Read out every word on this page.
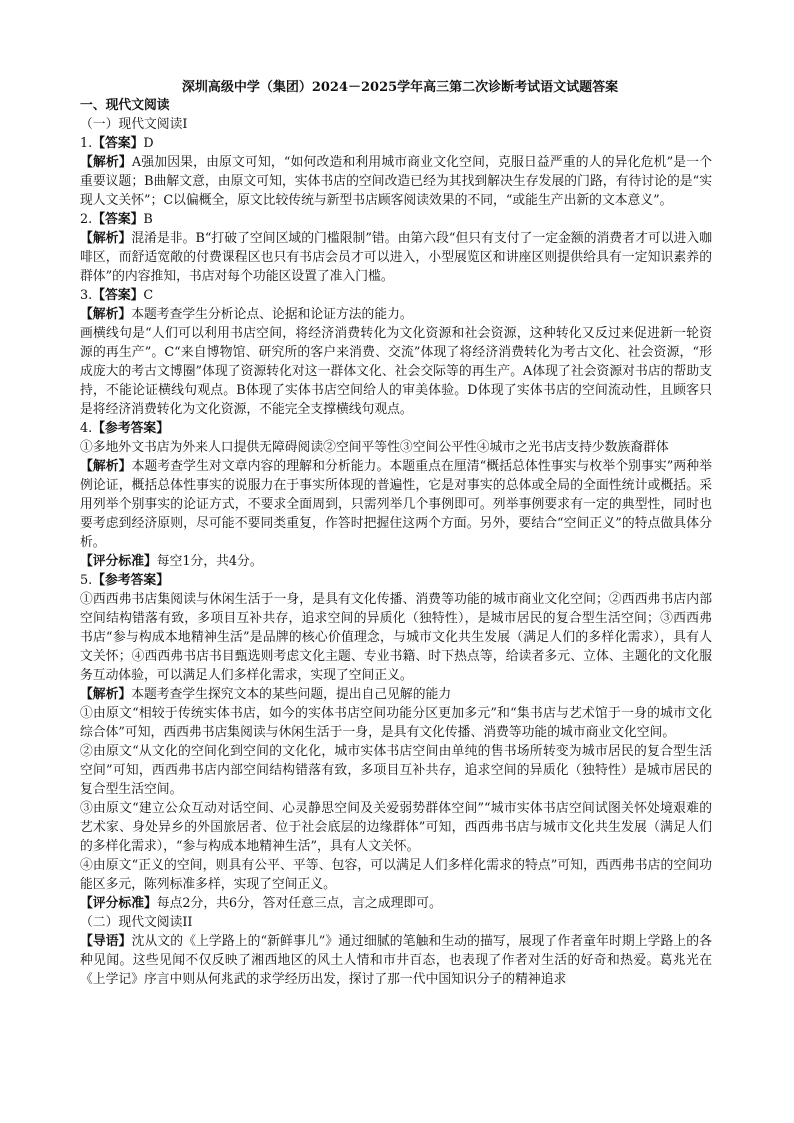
深圳高级中学（集团）2024－2025学年高三第二次诊断考试语文试题答案
一、现代文阅读
（一）现代文阅读I
1.【答案】D
【解析】A强加因果，由原文可知，“如何改造和利用城市商业文化空间，克服日益严重的人的异化危机”是一个重要议题；B曲解文意，由原文可知，实体书店的空间改造已经为其找到解决生存发展的门路，有待讨论的是“实现人文关怀”；C以偏概全，原文比较传统与新型书店顾客阅读效果的不同，“或能生产出新的文本意义”。
2.【答案】B
【解析】混淆是非。B“打破了空间区域的门槛限制”错。由第六段“但只有支付了一定金额的消费者才可以进入咖啡区，而舒适宽敞的付费课程区也只有书店会员才可以进入，小型展览区和讲座区则提供给具有一定知识素养的群体”的内容推知，书店对每个功能区设置了准入门槛。
3.【答案】C
【解析】本题考查学生分析论点、论据和论证方法的能力。
画横线句是“人们可以利用书店空间，将经济消费转化为文化资源和社会资源，这种转化又反过来促进新一轮资源的再生产”。C“来自博物馆、研究所的客户来消费、交流”体现了将经济消费转化为考古文化、社会资源，“形成庞大的考古文博圈”体现了资源转化对这一群体文化、社会交际等的再生产。A体现了社会资源对书店的帮助支持，不能论证横线句观点。B体现了实体书店空间给人的审美体验。D体现了实体书店的空间流动性，且顾客只是将经济消费转化为文化资源，不能完全支撑横线句观点。
4.【参考答案】
①多地外文书店为外来人口提供无障碍阅读②空间平等性③空间公平性④城市之光书店支持少数族裔群体
【解析】本题考查学生对文章内容的理解和分析能力。本题重点在厘清“概括总体性事实与枚举个别事实”两种举例论证，概括总体性事实的说服力在于事实所体现的普遍性，它是对事实的总体或全局的全面性统计或概括。采用列举个别事实的论证方式，不要求全面周到，只需列举几个事例即可。列举事例要求有一定的典型性，同时也要考虑到经济原则，尽可能不要同类重复，作答时把握住这两个方面。另外，要结合“空间正义”的特点做具体分析。
【评分标准】每空1分，共4分。
5.【参考答案】
①西西弗书店集阅读与休闲生活于一身，是具有文化传播、消费等功能的城市商业文化空间；②西西弗书店内部空间结构错落有致，多项目互补共存，追求空间的异质化（独特性），是城市居民的复合型生活空间；③西西弗书店“参与构成本地精神生活”是品牌的核心价值理念，与城市文化共生发展（满足人们的多样化需求），具有人文关怀；④西西弗书店书目甄选则考虑文化主题、专业书籍、时下热点等，给读者多元、立体、主题化的文化服务互动体验，可以满足人们多样化需求，实现了空间正义。
【解析】本题考查学生探究文本的某些问题，提出自己见解的能力
①由原文“相较于传统实体书店，如今的实体书店空间功能分区更加多元”和“集书店与艺术馆于一身的城市文化综合体”可知，西西弗书店集阅读与休闲生活于一身，是具有文化传播、消费等功能的城市商业文化空间。
②由原文“从文化的空间化到空间的文化化，城市实体书店空间由单纯的售书场所转变为城市居民的复合型生活空间”可知，西西弗书店内部空间结构错落有致，多项目互补共存，追求空间的异质化（独特性）是城市居民的复合型生活空间。
③由原文“建立公众互动对话空间、心灵静思空间及关爱弱势群体空间”“城市实体书店空间试图关怀处境艰难的艺术家、身处异乡的外国旅居者、位于社会底层的边缘群体”可知，西西弗书店与城市文化共生发展（满足人们的多样化需求），“参与构成本地精神生活”，具有人文关怀。
④由原文“正义的空间，则具有公平、平等、包容，可以满足人们多样化需求的特点”可知，西西弗书店的空间功能区多元，陈列标准多样，实现了空间正义。
【评分标准】每点2分，共6分，答对任意三点，言之成理即可。
（二）现代文阅读II
【导语】沈从文的《上学路上的“新鲜事儿”》通过细腻的笔触和生动的描写，展现了作者童年时期上学路上的各种见闻。这些见闻不仅反映了湘西地区的风土人情和市井百态，也表现了作者对生活的好奇和热爱。葛兆光在《上学记》序言中则从何兆武的求学经历出发，探讨了那一代中国知识分子的精神追求
